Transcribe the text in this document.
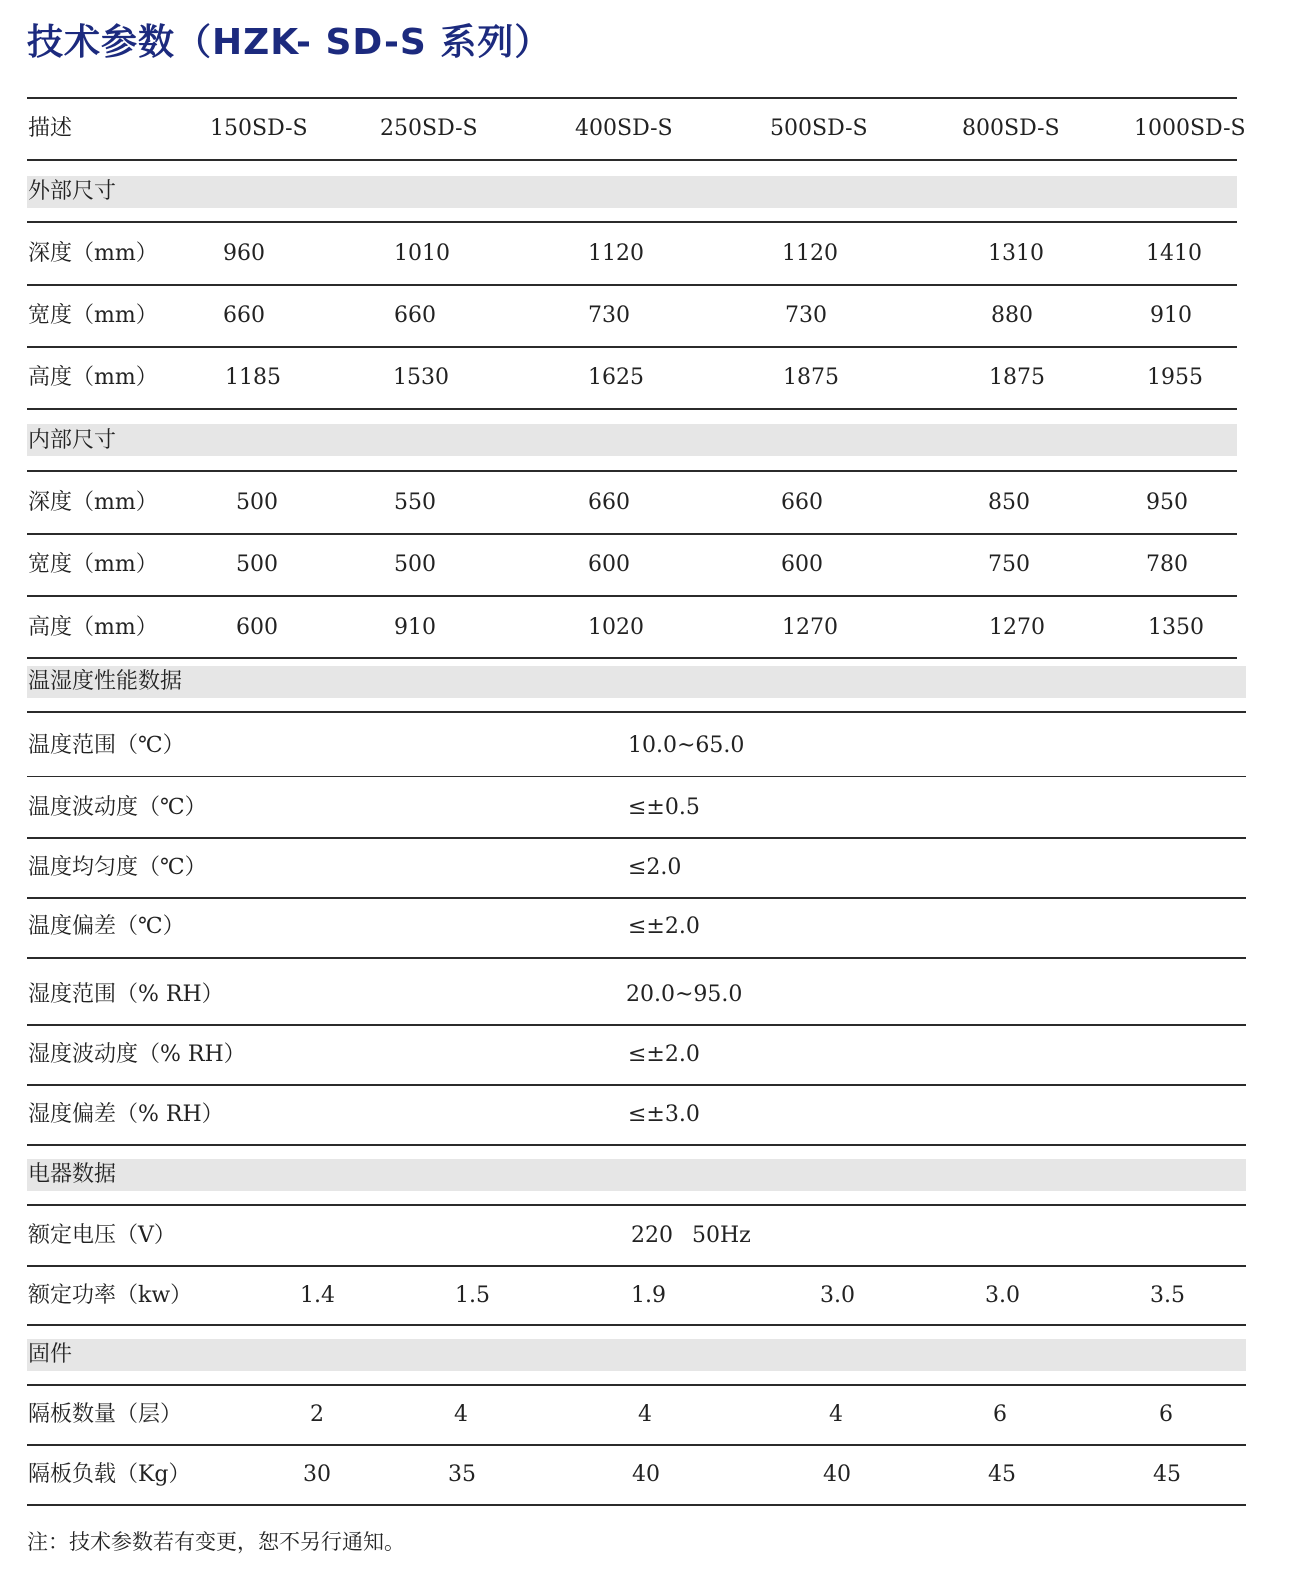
技术参数（HZK- SD-S 系列）
描述	150SD-S	250SD-S	400SD-S	500SD-S	800SD-S	1000SD-S
外部尺寸
深度（mm）	960	1010	1120	1120	1310	1410
宽度（mm）	660	660	730	730	880	910
高度（mm）	1185	1530	1625	1875	1875	1955
内部尺寸
深度（mm）	500	550	660	660	850	950
宽度（mm）	500	500	600	600	750	780
高度（mm）	600	910	1020	1270	1270	1350
温湿度性能数据
温度范围（℃）	10.0~65.0
温度波动度（℃）	≤±0.5
温度均匀度（℃）	≤2.0
温度偏差（℃）	≤±2.0
湿度范围（% RH）	20.0~95.0
湿度波动度（% RH）	≤±2.0
湿度偏差（% RH）	≤±3.0
电器数据
额定电压（V）	220 50Hz
额定功率（kw）	1.4	1.5	1.9	3.0	3.0	3.5
固件
隔板数量（层）	2	4	4	4	6	6
隔板负载（Kg）	30	35	40	40	45	45
注：技术参数若有变更，恕不另行通知。
